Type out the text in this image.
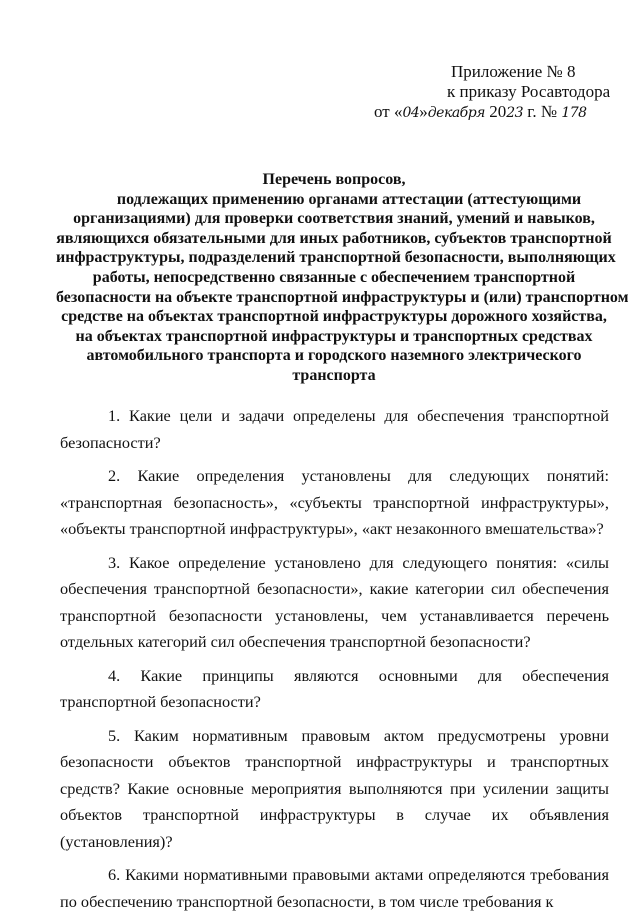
Приложение № 8
к приказу Росавтодора
от «04»декабря 2023 г. № 178
Перечень вопросов,
подлежащих применению органами аттестации (аттестующими
организациями) для проверки соответствия знаний, умений и навыков,
являющихся обязательными для иных работников, субъектов транспортной
инфраструктуры, подразделений транспортной безопасности, выполняющих
работы, непосредственно связанные с обеспечением транспортной
безопасности на объекте транспортной инфраструктуры и (или) транспортном
средстве на объектах транспортной инфраструктуры дорожного хозяйства,
на объектах транспортной инфраструктуры и транспортных средствах
автомобильного транспорта и городского наземного электрического
транспорта

1. Какие цели и задачи определены для обеспечения транспортной безопасности?

2. Какие определения установлены для следующих понятий: «транспортная безопасность», «субъекты транспортной инфраструктуры», «объекты транспортной инфраструктуры», «акт незаконного вмешательства»?

3. Какое определение установлено для следующего понятия: «силы обеспечения транспортной безопасности», какие категории сил обеспечения транспортной безопасности установлены, чем устанавливается перечень отдельных категорий сил обеспечения транспортной безопасности?

4. Какие принципы являются основными для обеспечения транспортной безопасности?

5. Каким нормативным правовым актом предусмотрены уровни безопасности объектов транспортной инфраструктуры и транспортных средств? Какие основные мероприятия выполняются при усилении защиты объектов транспортной инфраструктуры в случае их объявления (установления)?

6. Какими нормативными правовыми актами определяются требования по обеспечению транспортной безопасности, в том числе требования к
